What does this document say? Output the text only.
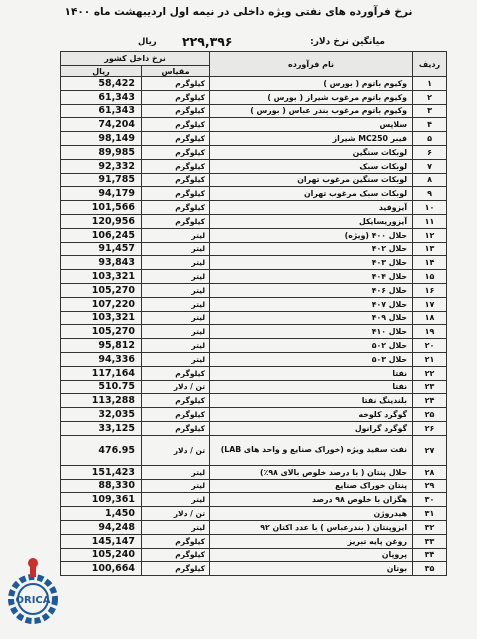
نرخ فرآورده های نفتی ویژه داخلی در نیمه اول اردیبهشت ماه ۱۴۰۰
میانگین نرخ دلار:
۲۲۹,۳۹۶
ریال
ردیف	نام فرآورده	نرخ داخل کشور	
		مقیاس	ریال
۱	وکیوم باتوم ( بورس )	کیلوگرم	58,422
۲	وکیوم باتوم مرغوب شیراز ( بورس )	کیلوگرم	61,343
۳	وکیوم باتوم مرغوب بندر عباس ( بورس )	کیلوگرم	61,343
۴	سلاپس	کیلوگرم	74,204
۵	فیبر MC250 شیراز	کیلوگرم	98,149
۶	لوبکات سنگین	کیلوگرم	89,985
۷	لوبکات سبک	کیلوگرم	92,332
۸	لوبکات سنگین مرغوب تهران	کیلوگرم	91,785
۹	لوبکات سبک مرغوب تهران	کیلوگرم	94,179
۱۰	آیزوفید	کیلوگرم	101,566
۱۱	آیزوریسایکل	کیلوگرم	120,956
۱۲	حلال ۴۰۰ (ویژه)	لیتر	106,245
۱۳	حلال ۴۰۲	لیتر	91,457
۱۴	حلال ۴۰۳	لیتر	93,843
۱۵	حلال ۴۰۴	لیتر	103,321
۱۶	حلال ۴۰۶	لیتر	105,270
۱۷	حلال ۴۰۷	لیتر	107,220
۱۸	حلال ۴۰۹	لیتر	103,321
۱۹	حلال ۴۱۰	لیتر	105,270
۲۰	حلال ۵۰۲	لیتر	95,812
۲۱	حلال ۵۰۳	لیتر	94,336
۲۲	نفتا	کیلوگرم	117,164
۲۳	نفتا	تن / دلار	510.75
۲۴	بلندینگ نفتا	کیلوگرم	113,288
۲۵	گوگرد کلوخه	کیلوگرم	32,035
۲۶	گوگرد گرانول	کیلوگرم	33,125
۲۷	نفت سفید ویژه (خوراک صنایع و واحد های LAB)	تن / دلار	476.95
۲۸	حلال پنتان ( با درصد خلوص بالای ۹۸٪)	لیتر	151,423
۲۹	پنتان خوراک صنایع	لیتر	88,330
۳۰	هگزان با خلوص ۹۸ درصد	لیتر	109,361
۳۱	هیدروژن	تن / دلار	1,450
۳۲	ایزوپنتان ( بندرعباس ) با عدد اکتان ۹۲	لیتر	94,248
۳۳	روغن پایه تبریز	کیلوگرم	145,147
۳۴	پروپان	کیلوگرم	105,240
۳۵	بوتان	کیلوگرم	100,664
ORICA
